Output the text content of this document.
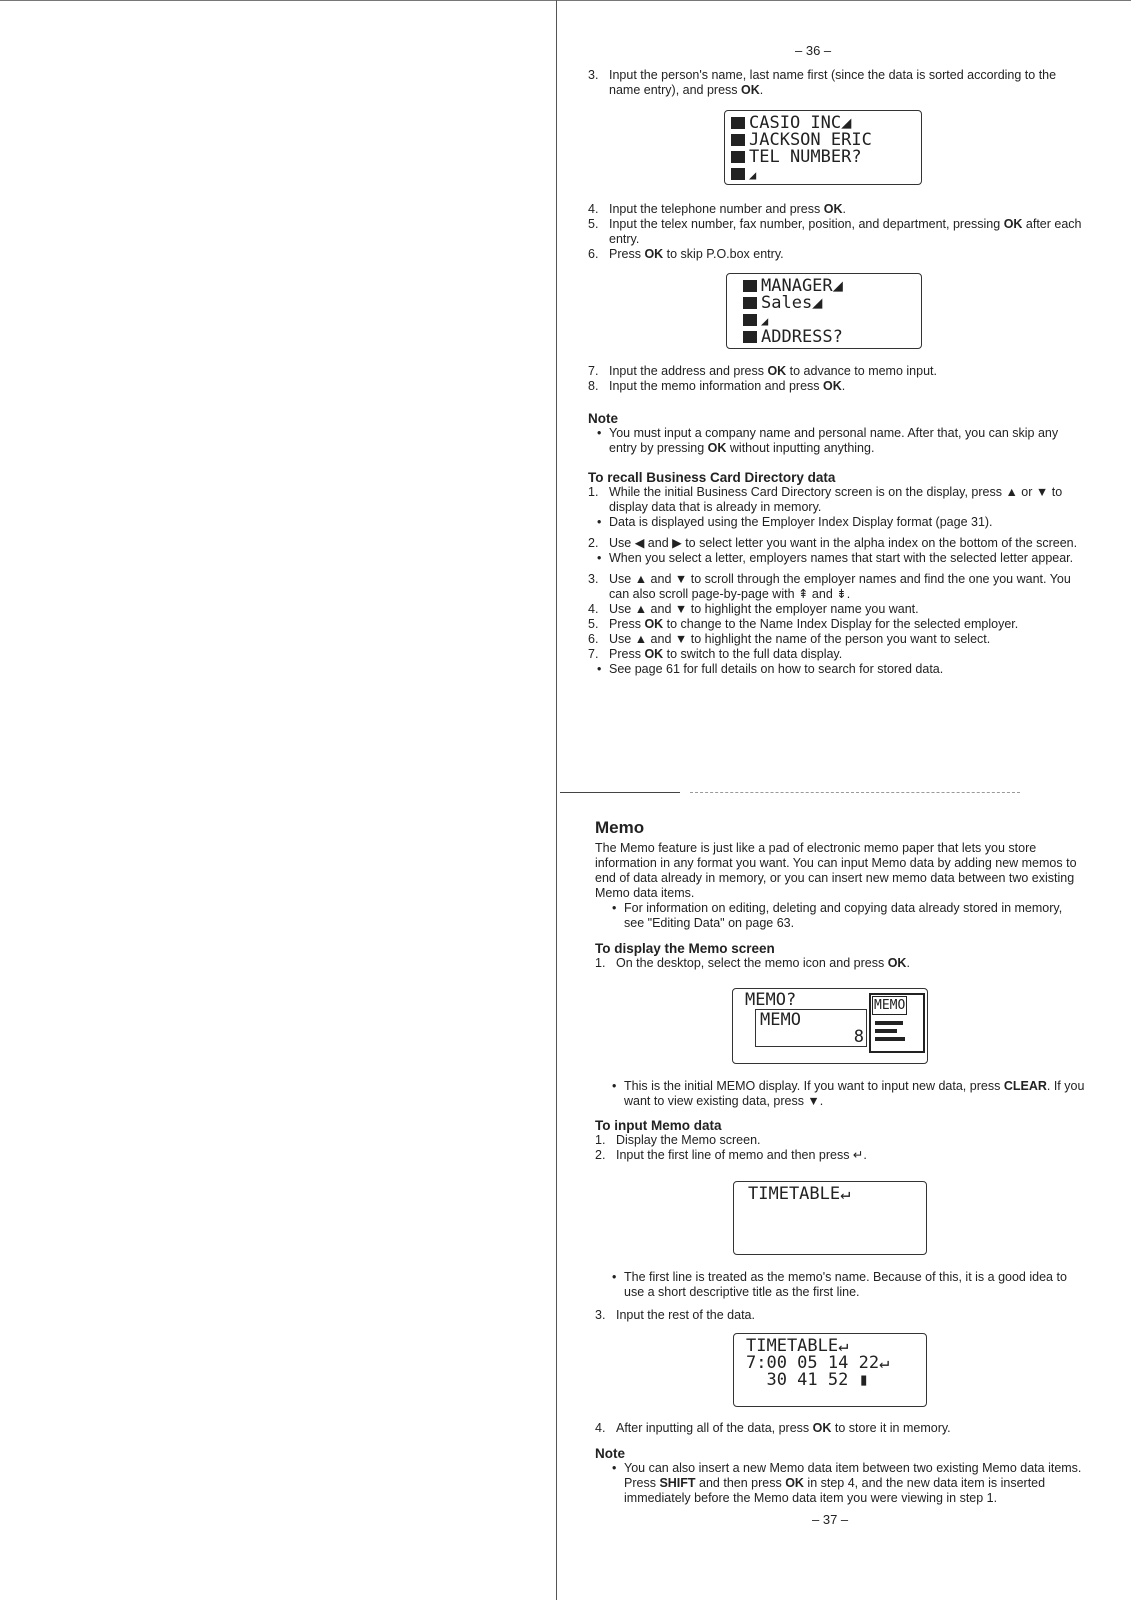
– 36 –
3. Input the person's name, last name first (since the data is sorted according to the name entry), and press OK.
CASIO INC◢
JACKSON ERIC
TEL NUMBER?
◢
4. Input the telephone number and press OK.
5. Input the telex number, fax number, position, and department, pressing OK after each entry.
6. Press OK to skip P.O.box entry.
MANAGER◢
Sales◢
◢
ADDRESS?
7. Input the address and press OK to advance to memo input.
8. Input the memo information and press OK.
Note
• You must input a company name and personal name. After that, you can skip any entry by pressing OK without inputting anything.
To recall Business Card Directory data
1. While the initial Business Card Directory screen is on the display, press ▲ or ▼ to display data that is already in memory.
• Data is displayed using the Employer Index Display format (page 31).
2. Use ◀ and ▶ to select letter you want in the alpha index on the bottom of the screen.
• When you select a letter, employers names that start with the selected letter appear.
3. Use ▲ and ▼ to scroll through the employer names and find the one you want. You can also scroll page-by-page with ⇞ and ⇟.
4. Use ▲ and ▼ to highlight the employer name you want.
5. Press OK to change to the Name Index Display for the selected employer.
6. Use ▲ and ▼ to highlight the name of the person you want to select.
7. Press OK to switch to the full data display.
• See page 61 for full details on how to search for stored data.
Memo
The Memo feature is just like a pad of electronic memo paper that lets you store information in any format you want. You can input Memo data by adding new memos to end of data already in memory, or you can insert new memo data between two existing Memo data items.
• For information on editing, deleting and copying data already stored in memory, see "Editing Data" on page 63.
To display the Memo screen
1. On the desktop, select the memo icon and press OK.
MEMO?
MEMO
8
MEMO
• This is the initial MEMO display. If you want to input new data, press CLEAR. If you want to view existing data, press ▼.
To input Memo data
1. Display the Memo screen.
2. Input the first line of memo and then press ↵.
TIMETABLE↵
• The first line is treated as the memo's name. Because of this, it is a good idea to use a short descriptive title as the first line.
3. Input the rest of the data.
TIMETABLE↵
7:00 05 14 22↵
30 41 52 ▮
4. After inputting all of the data, press OK to store it in memory.
Note
• You can also insert a new Memo data item between two existing Memo data items. Press SHIFT and then press OK in step 4, and the new data item is inserted immediately before the Memo data item you were viewing in step 1.
– 37 –
